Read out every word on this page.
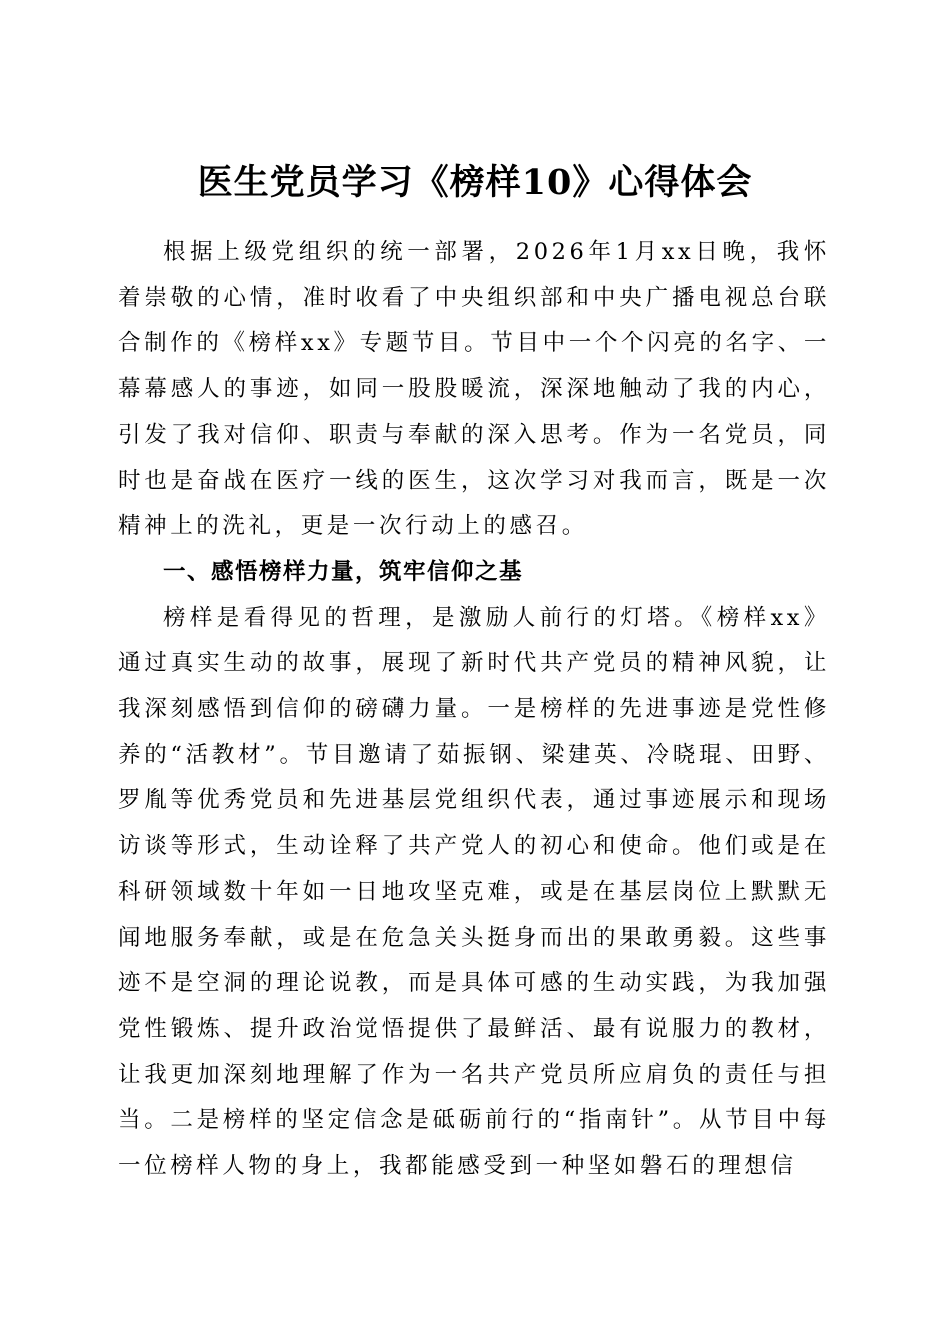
医生党员学习《榜样10》心得体会

根据上级党组织的统一部署，2026年1月xx日晚，我怀着崇敬的心情，准时收看了中央组织部和中央广播电视总台联合制作的《榜样xx》专题节目。节目中一个个闪亮的名字、一幕幕感人的事迹，如同一股股暖流，深深地触动了我的内心，引发了我对信仰、职责与奉献的深入思考。作为一名党员，同时也是奋战在医疗一线的医生，这次学习对我而言，既是一次精神上的洗礼，更是一次行动上的感召。

一、感悟榜样力量，筑牢信仰之基

榜样是看得见的哲理，是激励人前行的灯塔。《榜样xx》通过真实生动的故事，展现了新时代共产党员的精神风貌，让我深刻感悟到信仰的磅礴力量。一是榜样的先进事迹是党性修养的“活教材”。节目邀请了茹振钢、梁建英、冷晓琨、田野、罗胤等优秀党员和先进基层党组织代表，通过事迹展示和现场访谈等形式，生动诠释了共产党人的初心和使命。他们或是在科研领域数十年如一日地攻坚克难，或是在基层岗位上默默无闻地服务奉献，或是在危急关头挺身而出的果敢勇毅。这些事迹不是空洞的理论说教，而是具体可感的生动实践，为我加强党性锻炼、提升政治觉悟提供了最鲜活、最有说服力的教材，让我更加深刻地理解了作为一名共产党员所应肩负的责任与担当。二是榜样的坚定信念是砥砺前行的“指南针”。从节目中每一位榜样人物的身上，我都能感受到一种坚如磐石的理想信
